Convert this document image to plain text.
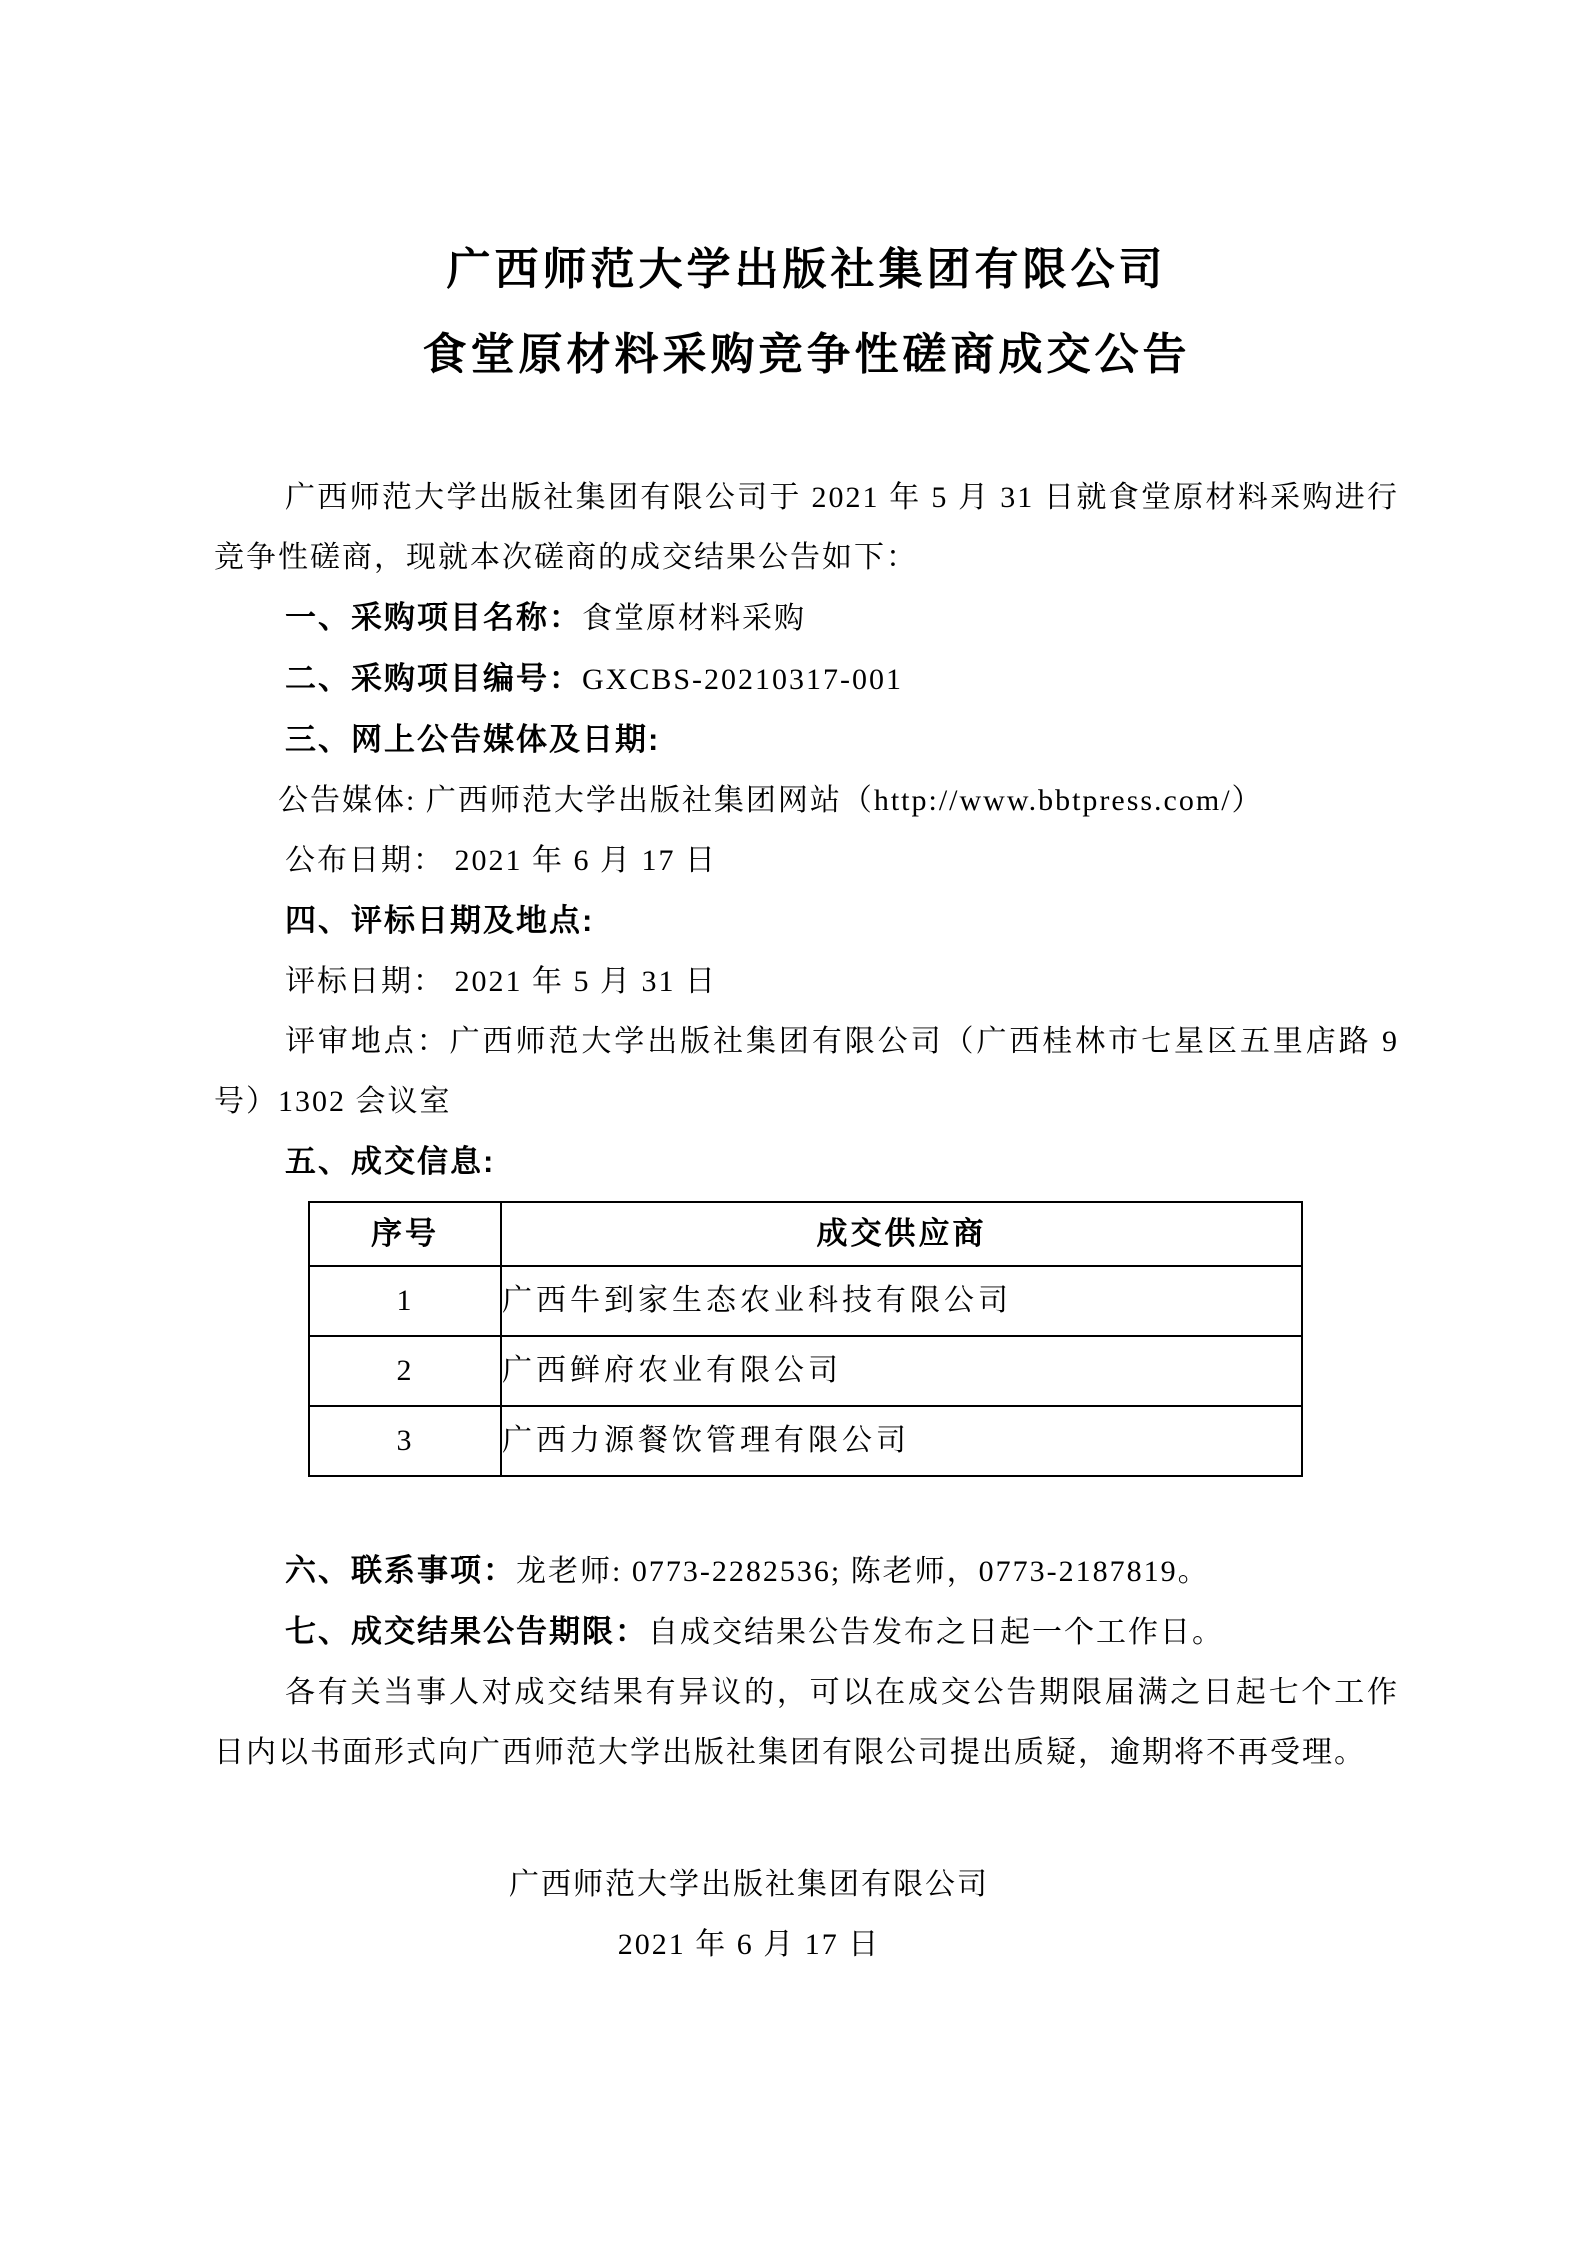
广西师范大学出版社集团有限公司
食堂原材料采购竞争性磋商成交公告

广西师范大学出版社集团有限公司于 2021 年 5 月 31 日就食堂原材料采购进行竞争性磋商，现就本次磋商的成交结果公告如下：

一、采购项目名称：食堂原材料采购
二、采购项目编号：GXCBS-20210317-001
三、网上公告媒体及日期:
公告媒体: 广西师范大学出版社集团网站（http://www.bbtpress.com/）
公布日期： 2021 年 6 月 17 日
四、评标日期及地点:
评标日期： 2021 年 5 月 31 日

评审地点：广西师范大学出版社集团有限公司（广西桂林市七星区五里店路 9 号）1302 会议室

五、成交信息:
序号	成交供应商
1	广西牛到家生态农业科技有限公司
2	广西鲜府农业有限公司
3	广西力源餐饮管理有限公司
六、联系事项：龙老师: 0773-2282536; 陈老师，0773-2187819。
七、成交结果公告期限：自成交结果公告发布之日起一个工作日。

各有关当事人对成交结果有异议的，可以在成交公告期限届满之日起七个工作日内以书面形式向广西师范大学出版社集团有限公司提出质疑，逾期将不再受理。

广西师范大学出版社集团有限公司
2021 年 6 月 17 日
